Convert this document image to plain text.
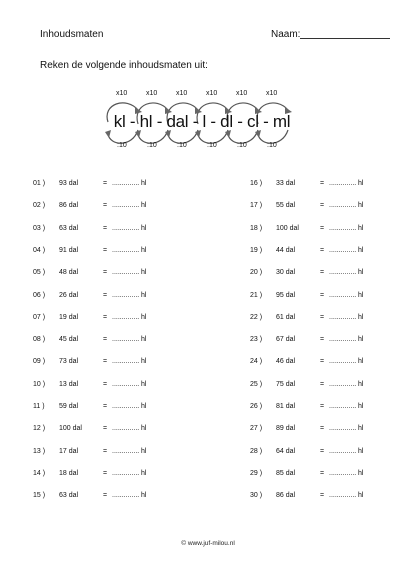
Inhoudsmaten	Naam:
Reken de volgende inhoudsmaten uit:
kl - hl - dal - l - dl - cl - ml
x10	x10	x10	x10	x10	x10
:10	:10	:10	:10	:10	:10
01 ) 93 dal	= .............. hl
02 ) 86 dal	= .............. hl
03 ) 63 dal	= .............. hl
04 ) 91 dal	= .............. hl
05 ) 48 dal	= .............. hl
06 ) 26 dal	= .............. hl
07 ) 19 dal	= .............. hl
08 ) 45 dal	= .............. hl
09 ) 73 dal	= .............. hl
10 ) 13 dal	= .............. hl
11 ) 59 dal	= .............. hl
12 ) 100 dal	= .............. hl
13 ) 17 dal	= .............. hl
14 ) 18 dal	= .............. hl
15 ) 63 dal	= .............. hl
16 ) 33 dal	= .............. hl
17 ) 55 dal	= .............. hl
18 ) 100 dal	= .............. hl
19 ) 44 dal	= .............. hl
20 ) 30 dal	= .............. hl
21 ) 95 dal	= .............. hl
22 ) 61 dal	= .............. hl
23 ) 67 dal	= .............. hl
24 ) 46 dal	= .............. hl
25 ) 75 dal	= .............. hl
26 ) 81 dal	= .............. hl
27 ) 89 dal	= .............. hl
28 ) 64 dal	= .............. hl
29 ) 85 dal	= .............. hl
30 ) 86 dal	= .............. hl
© www.juf-milou.nl
